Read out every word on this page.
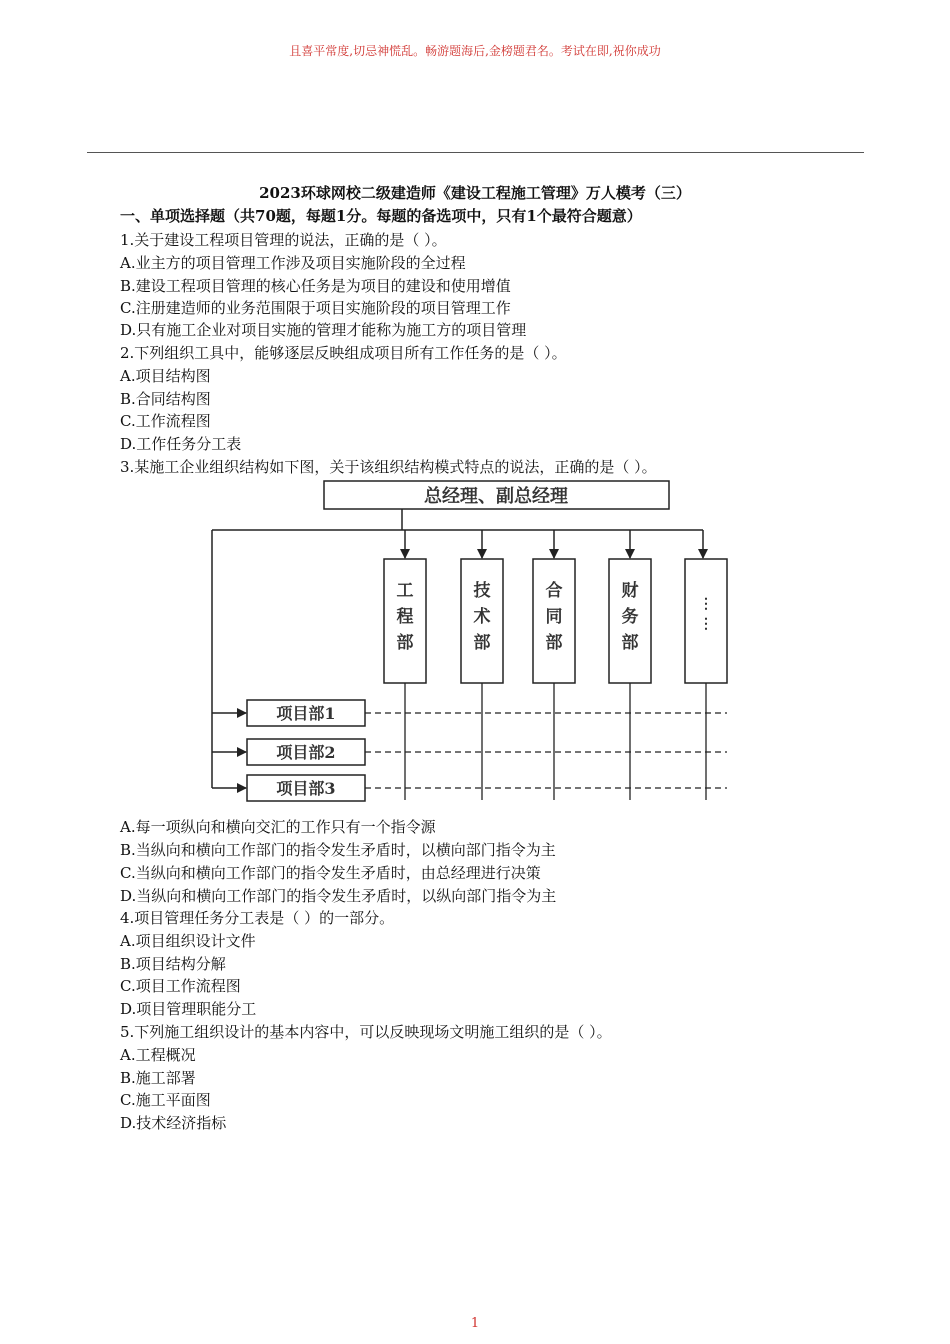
且喜平常度,切忌神慌乱。畅游题海后,金榜题君名。考试在即,祝你成功
2023环球网校二级建造师《建设工程施工管理》万人模考（三）
一、单项选择题（共70题，每题1分。每题的备选项中，只有1个最符合题意）
1.关于建设工程项目管理的说法，正确的是（ ）。
A.业主方的项目管理工作涉及项目实施阶段的全过程
B.建设工程项目管理的核心任务是为项目的建设和使用增值
C.注册建造师的业务范围限于项目实施阶段的项目管理工作
D.只有施工企业对项目实施的管理才能称为施工方的项目管理
2.下列组织工具中，能够逐层反映组成项目所有工作任务的是（ ）。
A.项目结构图
B.合同结构图
C.工作流程图
D.工作任务分工表
3.某施工企业组织结构如下图，关于该组织结构模式特点的说法，正确的是（ ）。
总经理、副总经理
工
程
部
技
术
部
合
同
部
财
务
部
⋮
⋮
项目部1
项目部2
项目部3
A.每一项纵向和横向交汇的工作只有一个指令源
B.当纵向和横向工作部门的指令发生矛盾时，以横向部门指令为主
C.当纵向和横向工作部门的指令发生矛盾时，由总经理进行决策
D.当纵向和横向工作部门的指令发生矛盾时，以纵向部门指令为主
4.项目管理任务分工表是（ ）的一部分。
A.项目组织设计文件
B.项目结构分解
C.项目工作流程图
D.项目管理职能分工
5.下列施工组织设计的基本内容中，可以反映现场文明施工组织的是（ ）。
A.工程概况
B.施工部署
C.施工平面图
D.技术经济指标
1
